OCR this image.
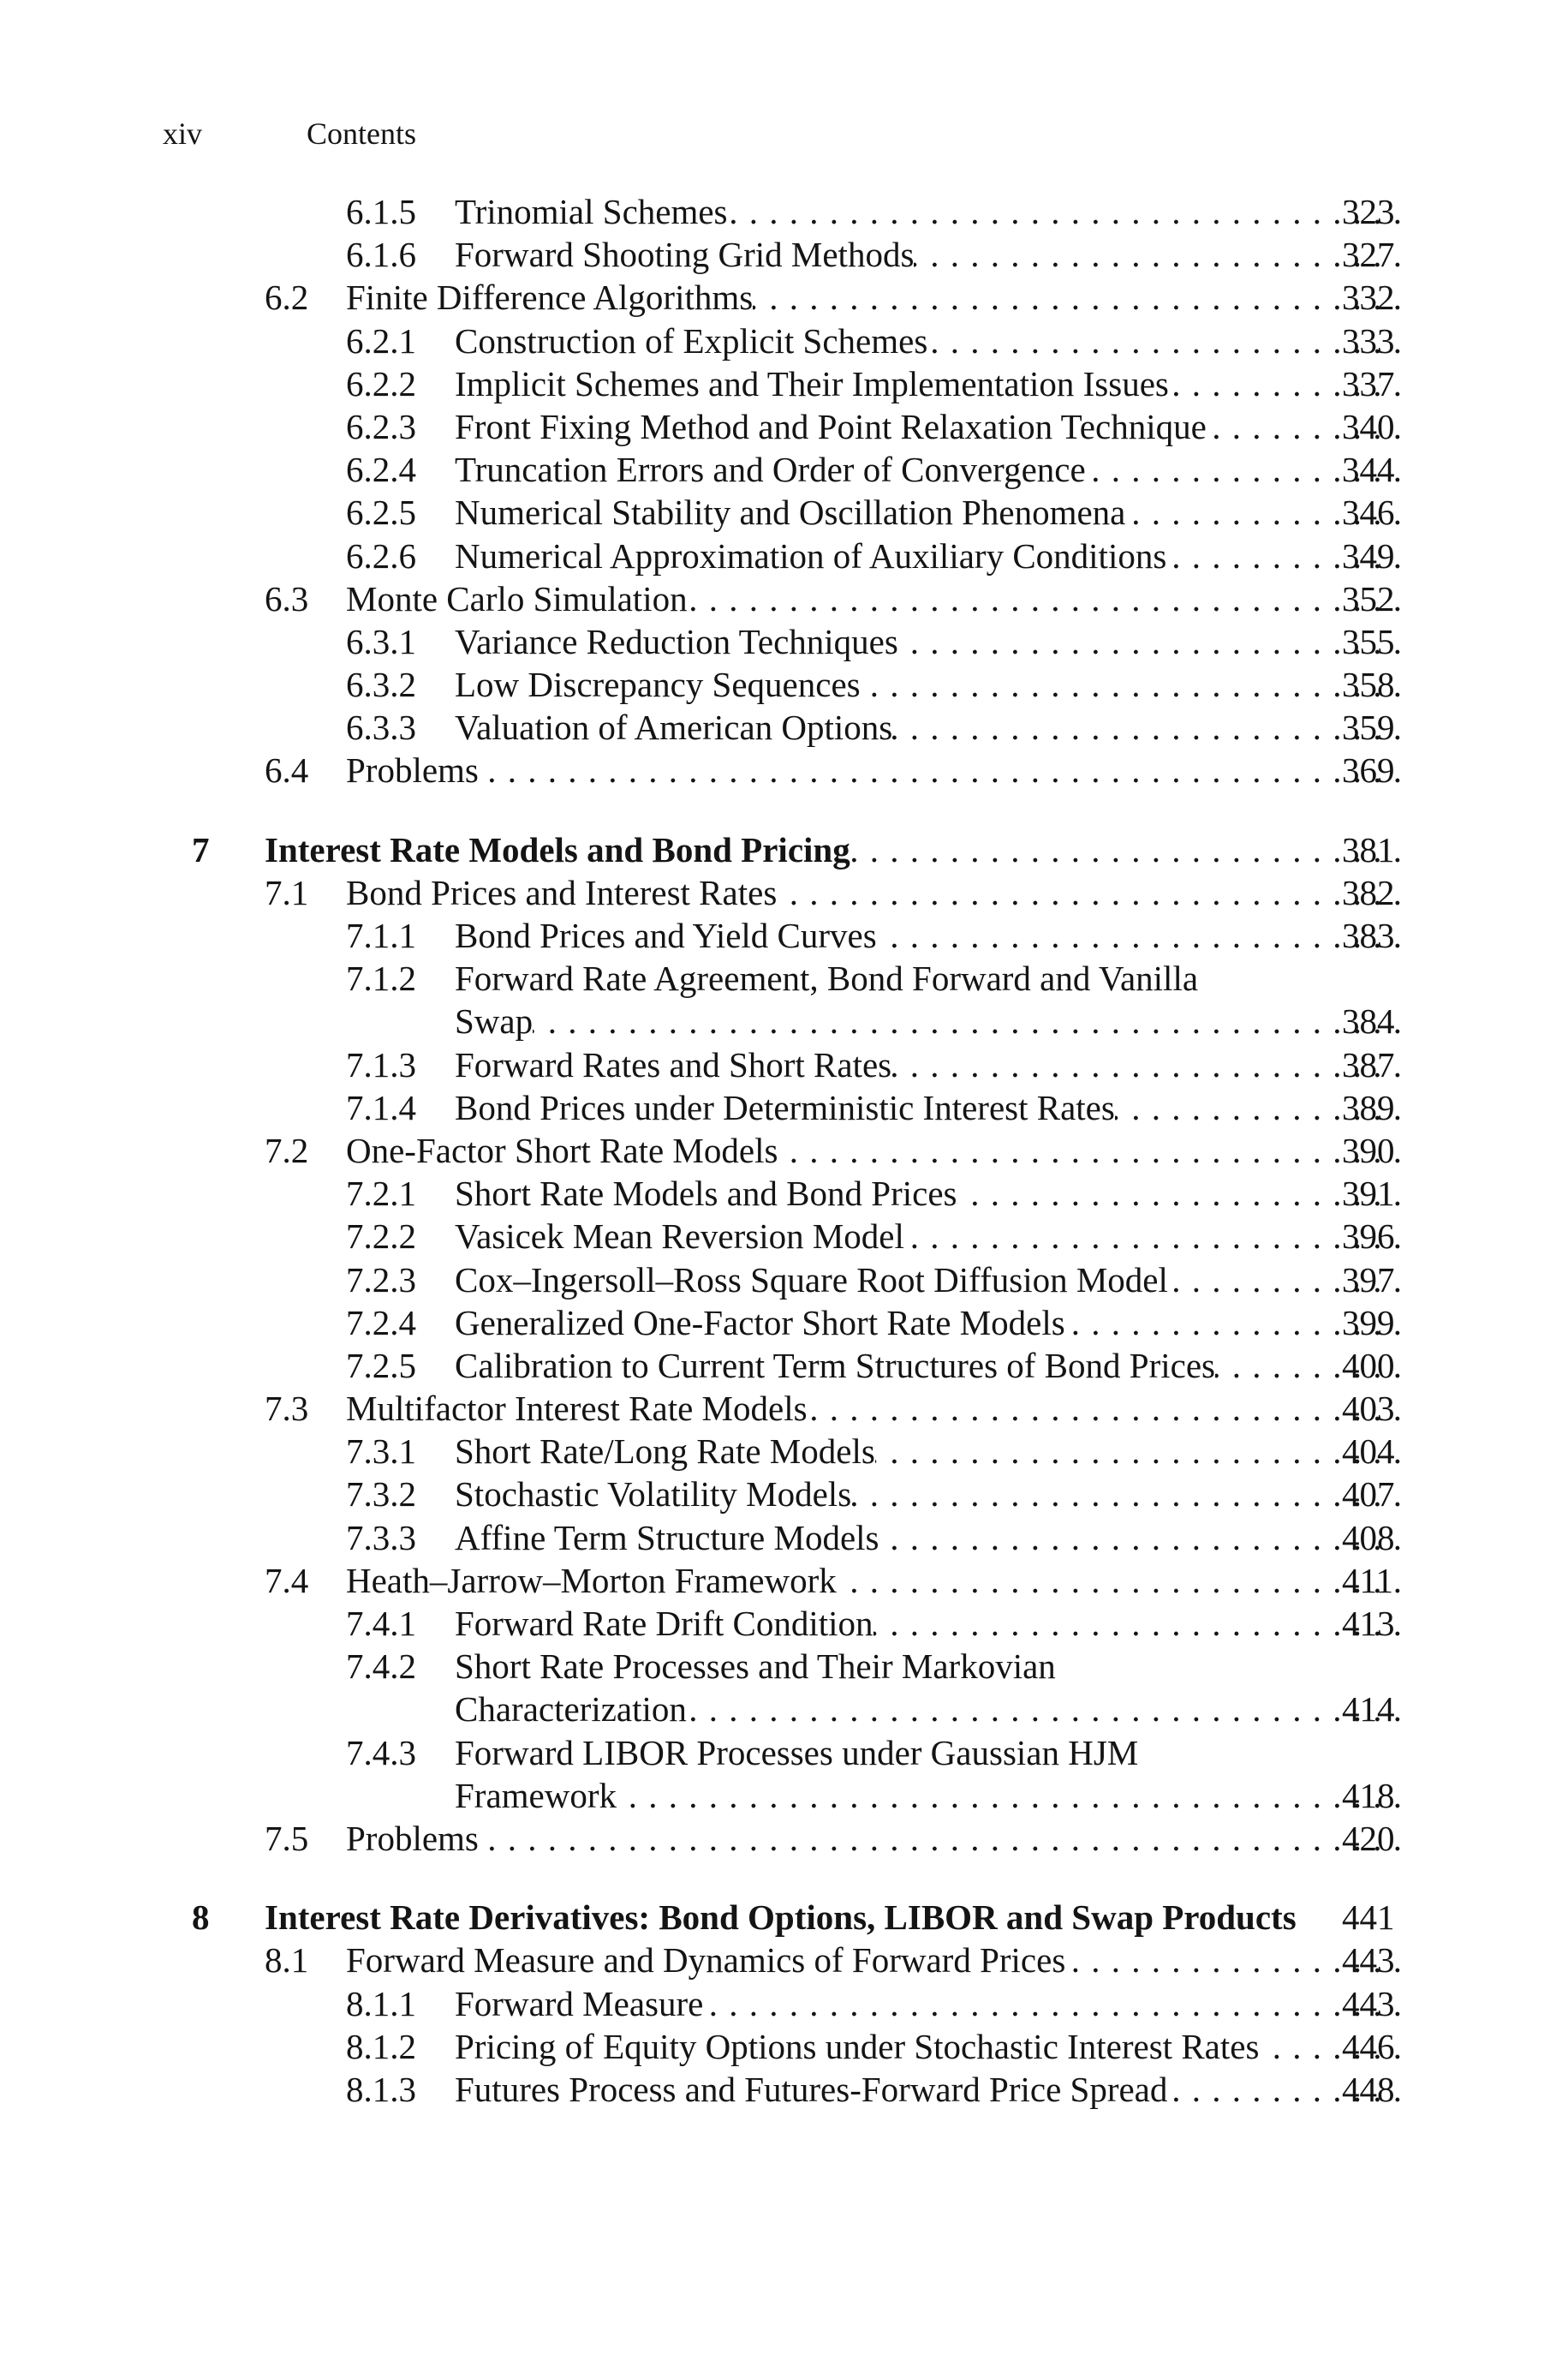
xiv	Contents
6.1.5 Trinomial Schemes . . .	323
6.1.6 Forward Shooting Grid Methods . . .	327
6.2 Finite Difference Algorithms . . .	332
6.2.1 Construction of Explicit Schemes . . .	333
6.2.2 Implicit Schemes and Their Implementation Issues . . .	337
6.2.3 Front Fixing Method and Point Relaxation Technique . . .	340
6.2.4 Truncation Errors and Order of Convergence . . .	344
6.2.5 Numerical Stability and Oscillation Phenomena . . .	346
6.2.6 Numerical Approximation of Auxiliary Conditions . . .	349
6.3 Monte Carlo Simulation . . .	352
6.3.1 Variance Reduction Techniques . . .	355
6.3.2 Low Discrepancy Sequences . . .	358
6.3.3 Valuation of American Options . . .	359
6.4 Problems . . .	369
7 Interest Rate Models and Bond Pricing . . .	381
7.1 Bond Prices and Interest Rates . . .	382
7.1.1 Bond Prices and Yield Curves . . .	383
7.1.2 Forward Rate Agreement, Bond Forward and Vanilla
Swap . . .	384
7.1.3 Forward Rates and Short Rates . . .	387
7.1.4 Bond Prices under Deterministic Interest Rates . . .	389
7.2 One-Factor Short Rate Models . . .	390
7.2.1 Short Rate Models and Bond Prices . . .	391
7.2.2 Vasicek Mean Reversion Model . . .	396
7.2.3 Cox–Ingersoll–Ross Square Root Diffusion Model . . .	397
7.2.4 Generalized One-Factor Short Rate Models . . .	399
7.2.5 Calibration to Current Term Structures of Bond Prices . . .	400
7.3 Multifactor Interest Rate Models . . .	403
7.3.1 Short Rate/Long Rate Models . . .	404
7.3.2 Stochastic Volatility Models . . .	407
7.3.3 Affine Term Structure Models . . .	408
7.4 Heath–Jarrow–Morton Framework . . .	411
7.4.1 Forward Rate Drift Condition . . .	413
7.4.2 Short Rate Processes and Their Markovian
Characterization . . .	414
7.4.3 Forward LIBOR Processes under Gaussian HJM
Framework . . .	418
7.5 Problems . . .	420
8 Interest Rate Derivatives: Bond Options, LIBOR and Swap Products 441
8.1 Forward Measure and Dynamics of Forward Prices . . .	443
8.1.1 Forward Measure . . .	443
8.1.2 Pricing of Equity Options under Stochastic Interest Rates . . . 446
8.1.3 Futures Process and Futures-Forward Price Spread . . .	448
